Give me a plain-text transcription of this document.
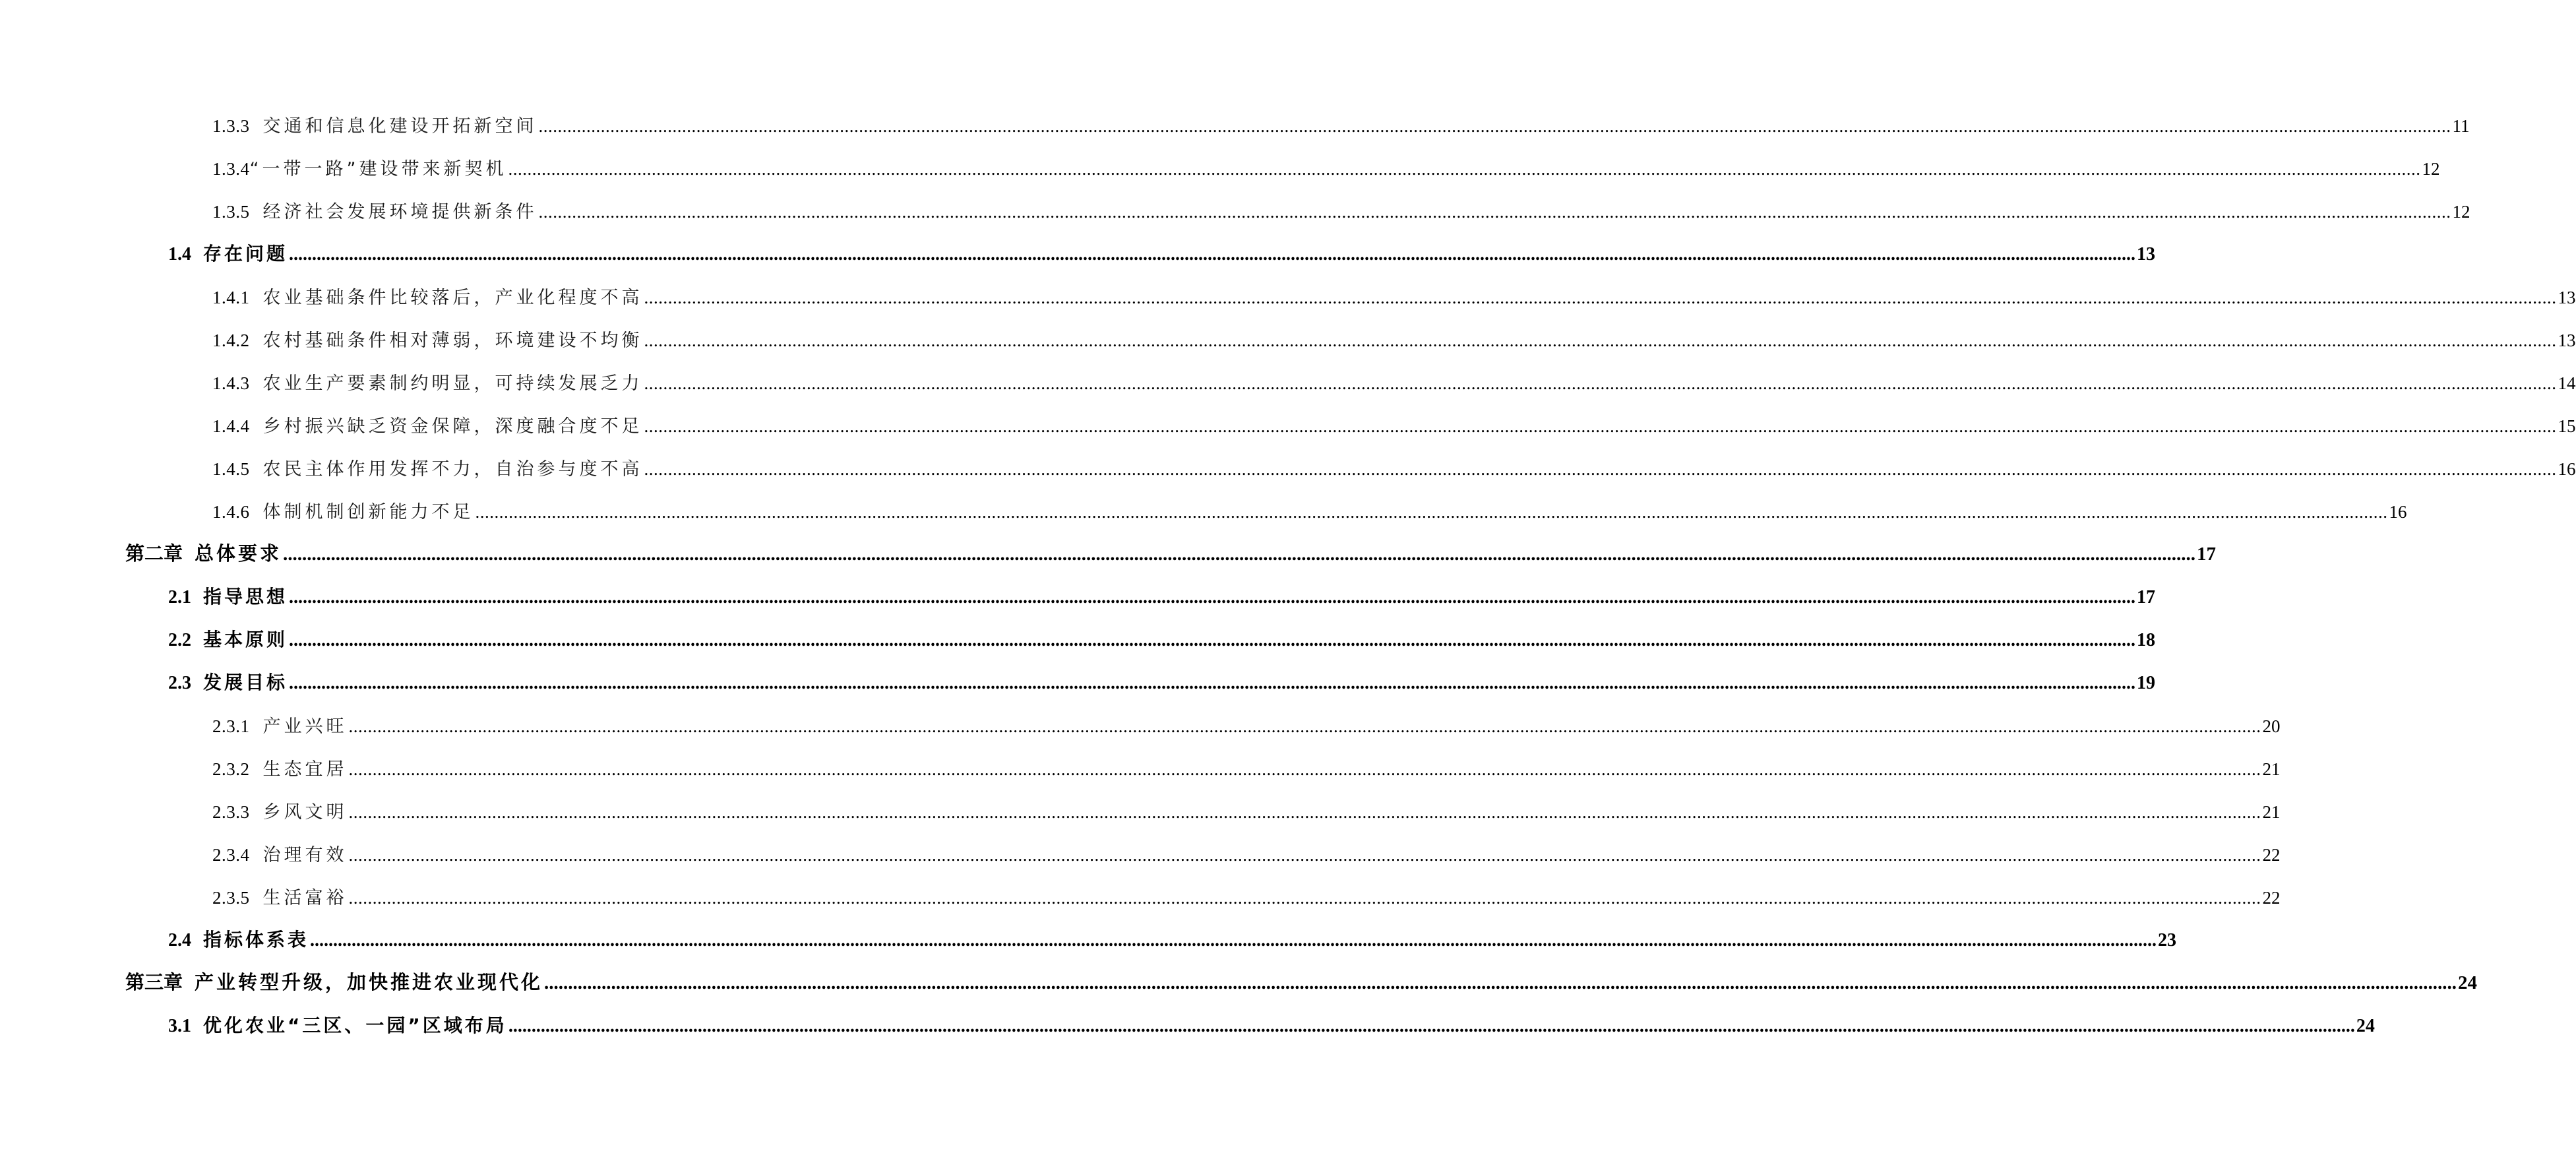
1.3.3 交通和信息化建设开拓新空间 ................................................................................................................................................................................................................................................................................................................................................................................................................ 11
1.3.4 “一带一路”建设带来新契机 ................................................................................................................................................................................................................................................................................................................................................................................................................ 12
1.3.5 经济社会发展环境提供新条件 ................................................................................................................................................................................................................................................................................................................................................................................................................ 12
1.4 存在问题 ................................................................................................................................................................................................................................................................................................................................................................................................................ 13
1.4.1 农业基础条件比较落后，产业化程度不高 ................................................................................................................................................................................................................................................................................................................................................................................................................ 13
1.4.2 农村基础条件相对薄弱，环境建设不均衡 ................................................................................................................................................................................................................................................................................................................................................................................................................ 13
1.4.3 农业生产要素制约明显，可持续发展乏力 ................................................................................................................................................................................................................................................................................................................................................................................................................ 14
1.4.4 乡村振兴缺乏资金保障，深度融合度不足 ................................................................................................................................................................................................................................................................................................................................................................................................................ 15
1.4.5 农民主体作用发挥不力，自治参与度不高 ................................................................................................................................................................................................................................................................................................................................................................................................................ 16
1.4.6 体制机制创新能力不足 ................................................................................................................................................................................................................................................................................................................................................................................................................ 16
第二章 总体要求 ................................................................................................................................................................................................................................................................................................................................................................................................................ 17
2.1 指导思想 ................................................................................................................................................................................................................................................................................................................................................................................................................ 17
2.2 基本原则 ................................................................................................................................................................................................................................................................................................................................................................................................................ 18
2.3 发展目标 ................................................................................................................................................................................................................................................................................................................................................................................................................ 19
2.3.1 产业兴旺 ................................................................................................................................................................................................................................................................................................................................................................................................................ 20
2.3.2 生态宜居 ................................................................................................................................................................................................................................................................................................................................................................................................................ 21
2.3.3 乡风文明 ................................................................................................................................................................................................................................................................................................................................................................................................................ 21
2.3.4 治理有效 ................................................................................................................................................................................................................................................................................................................................................................................................................ 22
2.3.5 生活富裕 ................................................................................................................................................................................................................................................................................................................................................................................................................ 22
2.4 指标体系表 ................................................................................................................................................................................................................................................................................................................................................................................................................ 23
第三章 产业转型升级，加快推进农业现代化 ................................................................................................................................................................................................................................................................................................................................................................................................................ 24
3.1 优化农业“三区、一园”区域布局 ................................................................................................................................................................................................................................................................................................................................................................................................................ 24
